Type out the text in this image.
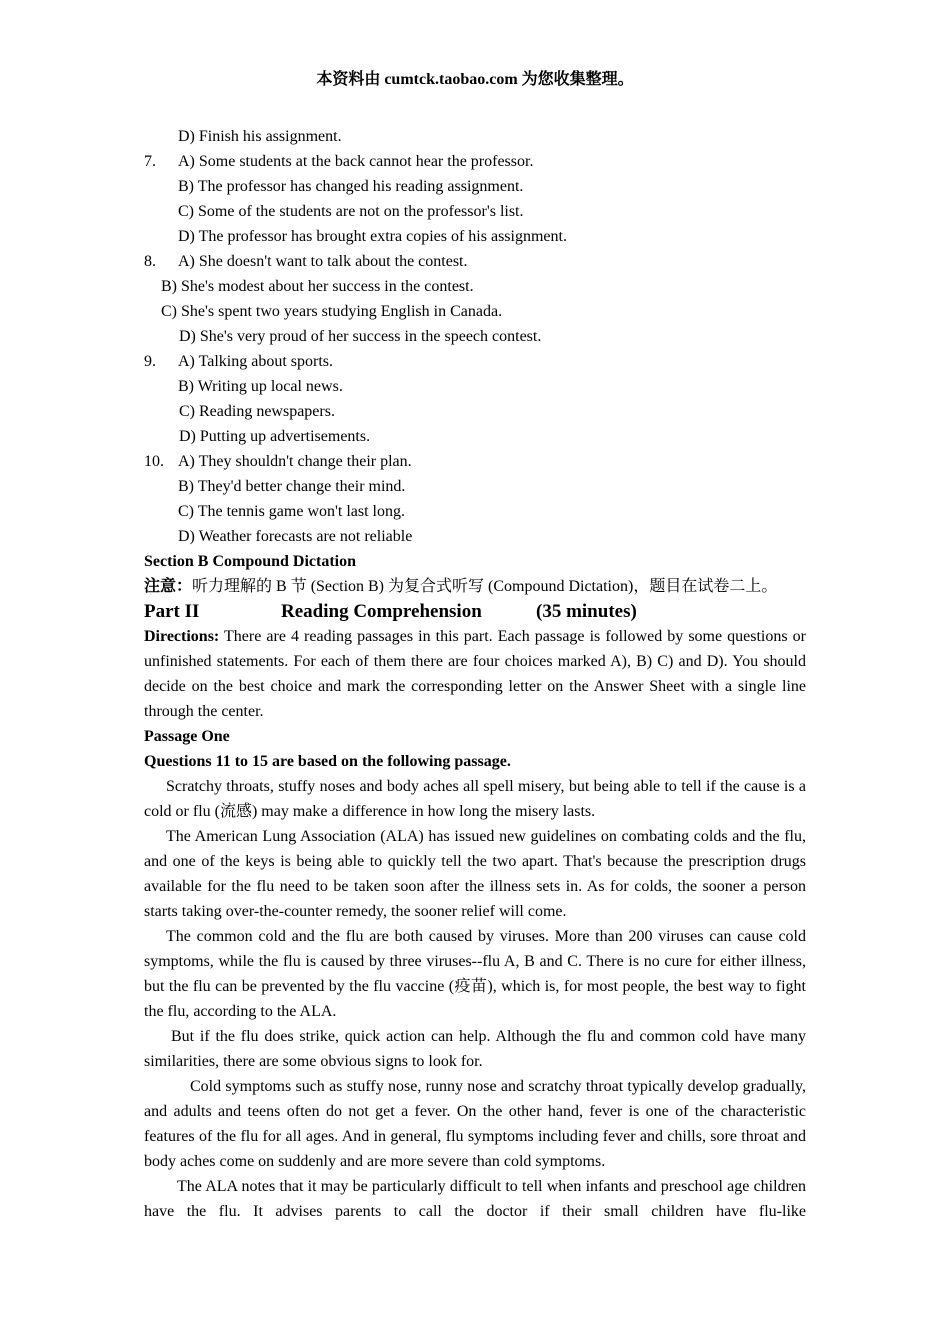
本资料由 cumtck.taobao.com 为您收集整理。
D) Finish his assignment.
7. A) Some students at the back cannot hear the professor.
B) The professor has changed his reading assignment.
C) Some of the students are not on the professor's list.
D) The professor has brought extra copies of his assignment.
8. A) She doesn't want to talk about the contest.
B) She's modest about her success in the contest.
C) She's spent two years studying English in Canada.
D) She's very proud of her success in the speech contest.
9. A) Talking about sports.
B) Writing up local news.
C) Reading newspapers.
D) Putting up advertisements.
10. A) They shouldn't change their plan.
B) They'd better change their mind.
C) The tennis game won't last long.
D) Weather forecasts are not reliable
Section B Compound Dictation
注意：听力理解的 B 节 (Section B) 为复合式听写 (Compound Dictation)，题目在试卷二上。
Part II	Reading Comprehension	(35 minutes)

Directions: There are 4 reading passages in this part. Each passage is followed by some questions or unfinished statements. For each of them there are four choices marked A), B) C) and D). You should decide on the best choice and mark the corresponding letter on the Answer Sheet with a single line through the center.

Passage One
Questions 11 to 15 are based on the following passage.

Scratchy throats, stuffy noses and body aches all spell misery, but being able to tell if the cause is a cold or flu (流感) may make a difference in how long the misery lasts.

The American Lung Association (ALA) has issued new guidelines on combating colds and the flu, and one of the keys is being able to quickly tell the two apart. That's because the prescription drugs available for the flu need to be taken soon after the illness sets in. As for colds, the sooner a person starts taking over-the-counter remedy, the sooner relief will come.

The common cold and the flu are both caused by viruses. More than 200 viruses can cause cold symptoms, while the flu is caused by three viruses--flu A, B and C. There is no cure for either illness, but the flu can be prevented by the flu vaccine (疫苗), which is, for most people, the best way to fight the flu, according to the ALA.

But if the flu does strike, quick action can help. Although the flu and common cold have many similarities, there are some obvious signs to look for.

Cold symptoms such as stuffy nose, runny nose and scratchy throat typically develop gradually, and adults and teens often do not get a fever. On the other hand, fever is one of the characteristic features of the flu for all ages. And in general, flu symptoms including fever and chills, sore throat and body aches come on suddenly and are more severe than cold symptoms.

The ALA notes that it may be particularly difficult to tell when infants and preschool age children have the flu. It advises parents to call the doctor if their small children have flu-like
